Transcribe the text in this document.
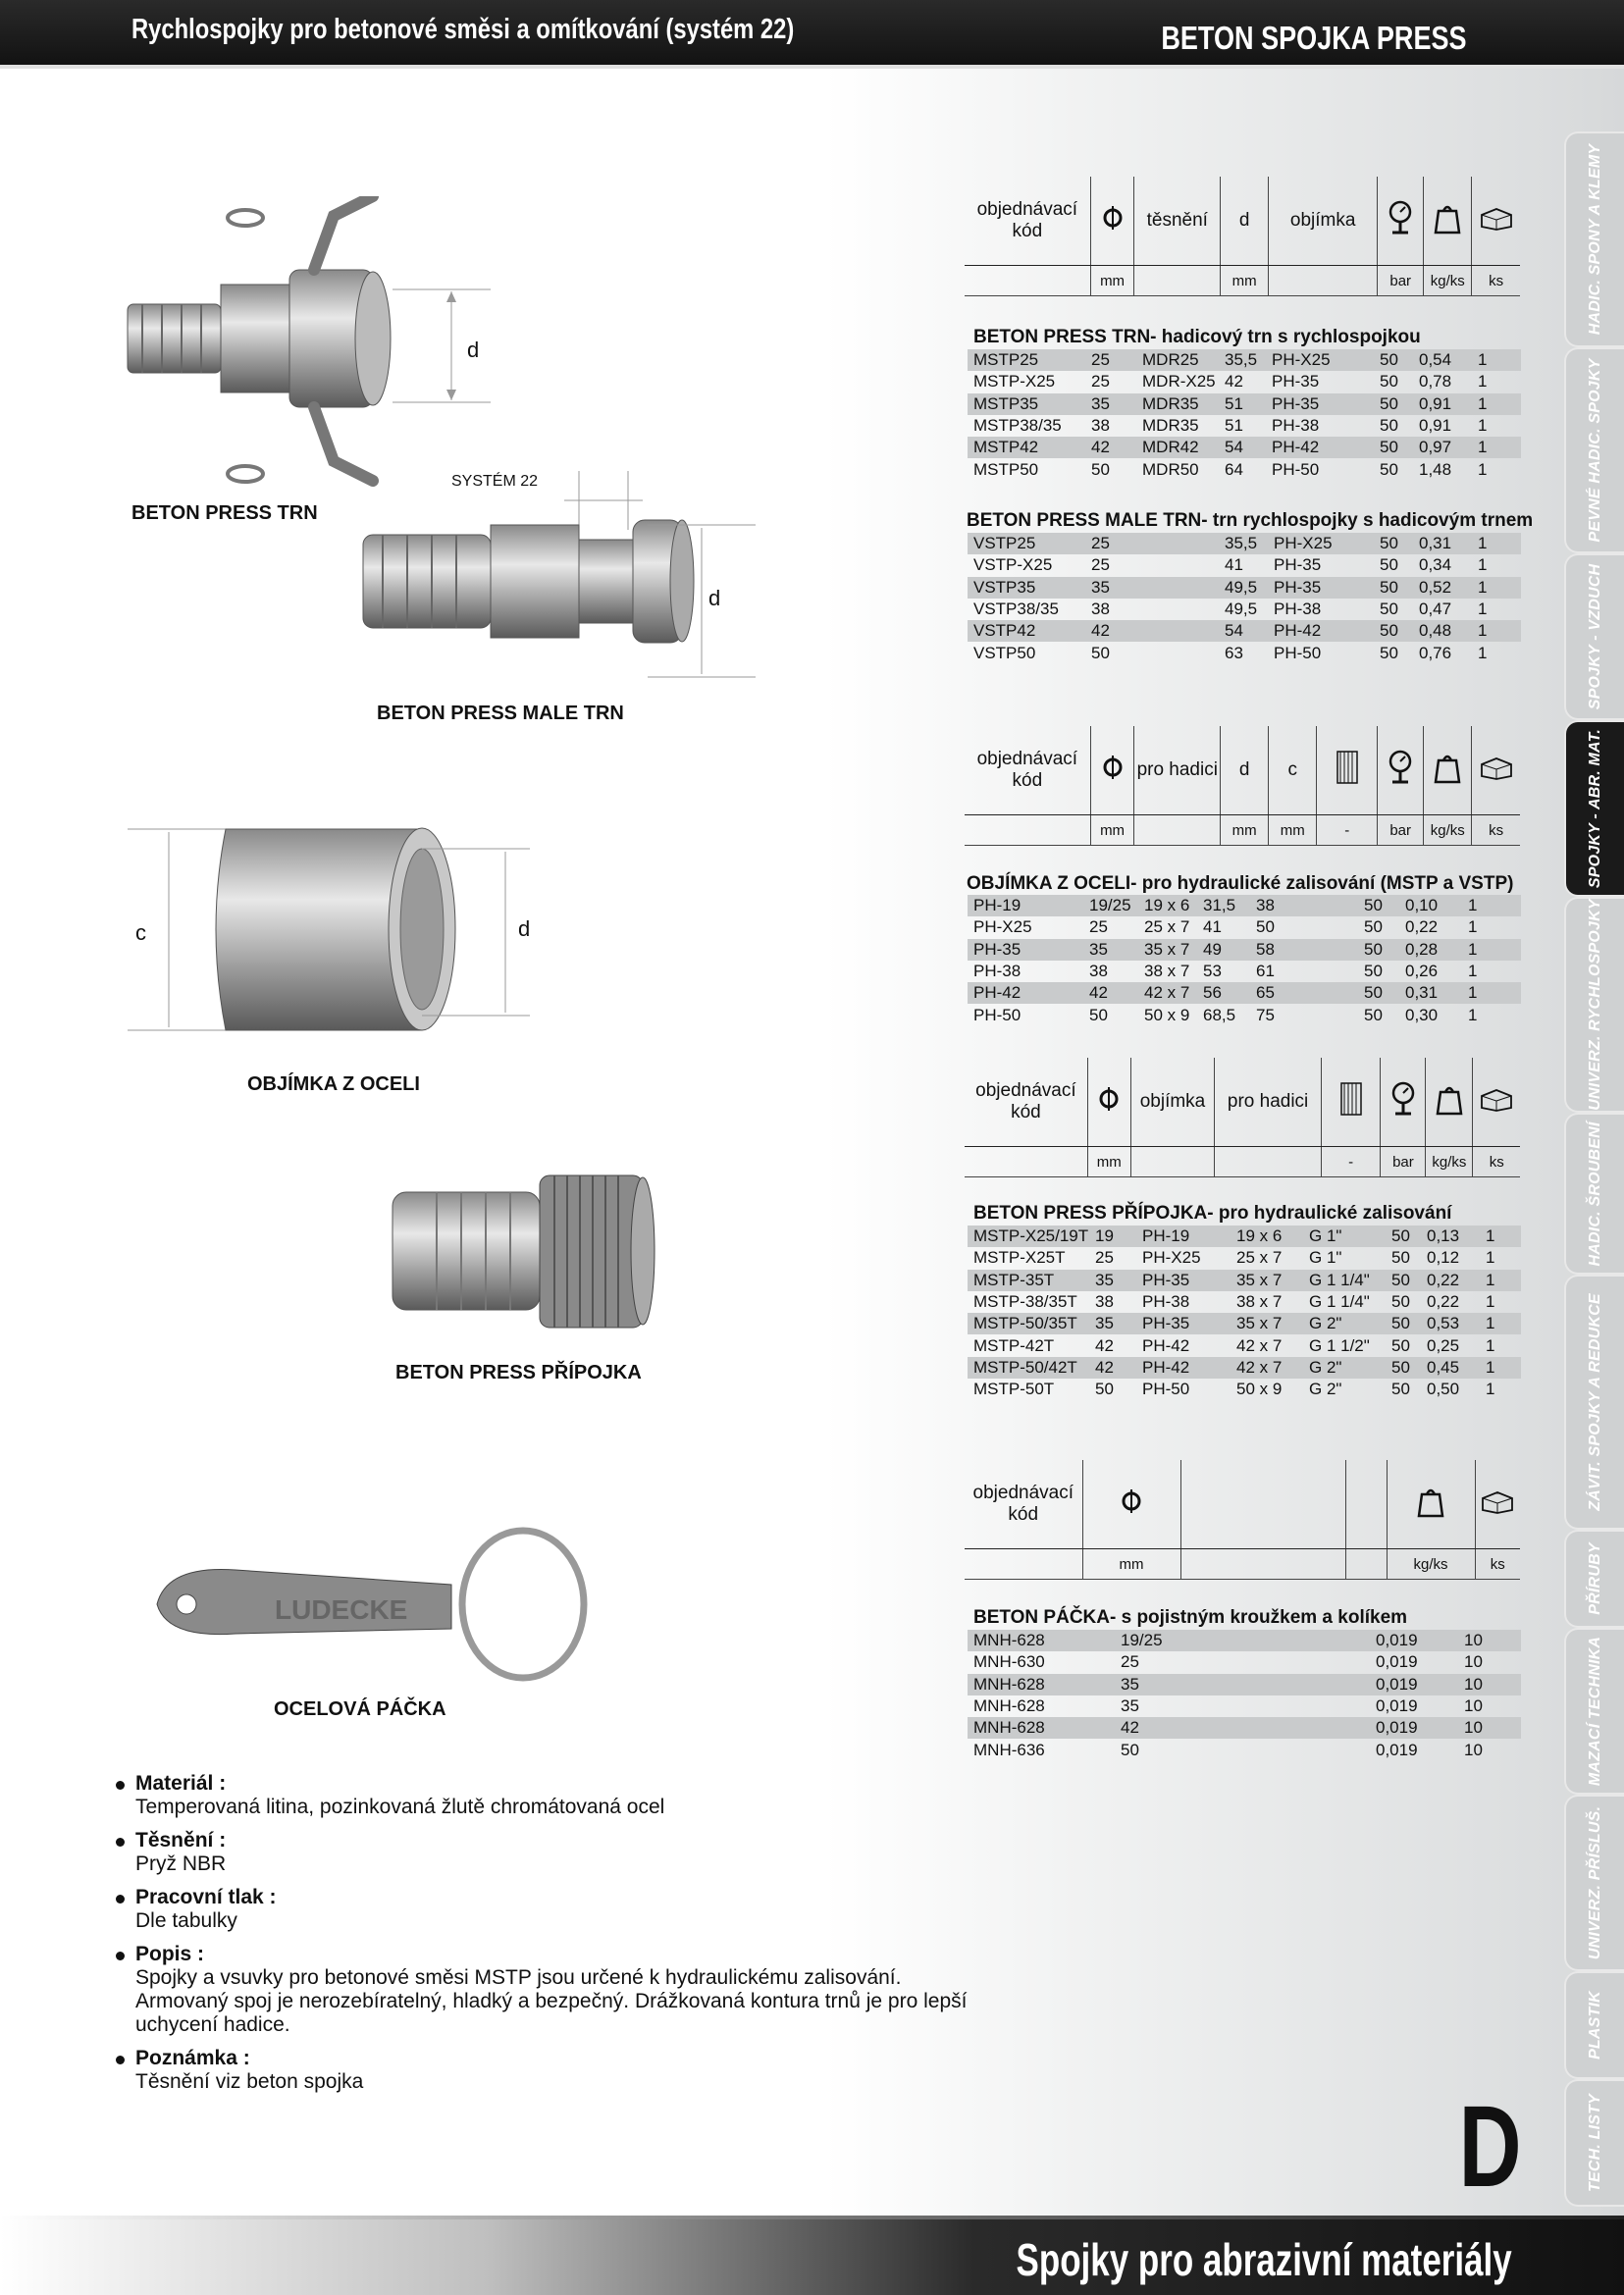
Rychlospojky pro betonové směsi a omítkování (systém 22)	BETON SPOJKA PRESS
HADIC. SPONY A KLEMY
PEVNÉ HADIC. SPOJKY
SPOJKY - VZDUCH
SPOJKY - ABR. MAT.
UNIVERZ. RYCHLOSPOJKY
HADIC. ŠROUBENÍ
ZÁVIT. SPOJKY A REDUKCE
PŘÍRUBY
MAZACÍ TECHNIKA
UNIVERZ. PŘÍSLUŠ.
PLASTIK
TECH. LISTY
d
BETON PRESS TRN
SYSTÉM 22
d
BETON PRESS MALE TRN
c	d
OBJÍMKA Z OCELI
BETON PRESS PŘÍPOJKA
LUDECKE
OCELOVÁ PÁČKA
objednávací kód		těsnění	d	objímka			
	mm		mm		bar	kg/ks	ks
BETON PRESS TRN- hadicový trn s rychlospojkou
MSTP25	25	MDR25	35,5	PH-X25	50	0,54	1
MSTP-X25	25	MDR-X25	42	PH-35	50	0,78	1
MSTP35	35	MDR35	51	PH-35	50	0,91	1
MSTP38/35	38	MDR35	51	PH-38	50	0,91	1
MSTP42	42	MDR42	54	PH-42	50	0,97	1
MSTP50	50	MDR50	64	PH-50	50	1,48	1
BETON PRESS MALE TRN- trn rychlospojky s hadicovým trnem
VSTP25	25		35,5	PH-X25	50	0,31	1
VSTP-X25	25		41	PH-35	50	0,34	1
VSTP35	35		49,5	PH-35	50	0,52	1
VSTP38/35	38		49,5	PH-38	50	0,47	1
VSTP42	42		54	PH-42	50	0,48	1
VSTP50	50		63	PH-50	50	0,76	1
objednávací kód		pro hadici	d	c				
	mm		mm	mm	-	bar	kg/ks	ks
OBJÍMKA Z OCELI- pro hydraulické zalisování (MSTP a VSTP)
PH-19	19/25	19 x 6	31,5	38		50	0,10	1
PH-X25	25	25 x 7	41	50		50	0,22	1
PH-35	35	35 x 7	49	58		50	0,28	1
PH-38	38	38 x 7	53	61		50	0,26	1
PH-42	42	42 x 7	56	65		50	0,31	1
PH-50	50	50 x 9	68,5	75		50	0,30	1
objednávací kód		objímka	pro hadici				
	mm			-	bar	kg/ks	ks
BETON PRESS PŘÍPOJKA- pro hydraulické zalisování
MSTP-X25/19T	19	PH-19	19 x 6	G 1"	50	0,13	1
MSTP-X25T	25	PH-X25	25 x 7	G 1"	50	0,12	1
MSTP-35T	35	PH-35	35 x 7	G 1 1/4"	50	0,22	1
MSTP-38/35T	38	PH-38	38 x 7	G 1 1/4"	50	0,22	1
MSTP-50/35T	35	PH-35	35 x 7	G 2"	50	0,53	1
MSTP-42T	42	PH-42	42 x 7	G 1 1/2"	50	0,25	1
MSTP-50/42T	42	PH-42	42 x 7	G 2"	50	0,45	1
MSTP-50T	50	PH-50	50 x 9	G 2"	50	0,50	1
objednávací kód					
	mm			kg/ks	ks
BETON PÁČKA- s pojistným kroužkem a kolíkem
MNH-628	19/25	0,019	10
MNH-630	25	0,019	10
MNH-628	35	0,019	10
MNH-628	35	0,019	10
MNH-628	42	0,019	10
MNH-636	50	0,019	10
Materiál :
Temperovaná litina, pozinkovaná žlutě chromátovaná ocel
Těsnění :
Pryž NBR
Pracovní tlak :
Dle tabulky
Popis :
Spojky a vsuvky pro betonové směsi MSTP jsou určené k hydraulickému zalisování. Armovaný spoj je nerozebíratelný, hladký a bezpečný. Drážkovaná kontura trnů je pro lepší uchycení hadice.
Poznámka :
Těsnění viz beton spojka
D
Spojky pro abrazivní materiály
